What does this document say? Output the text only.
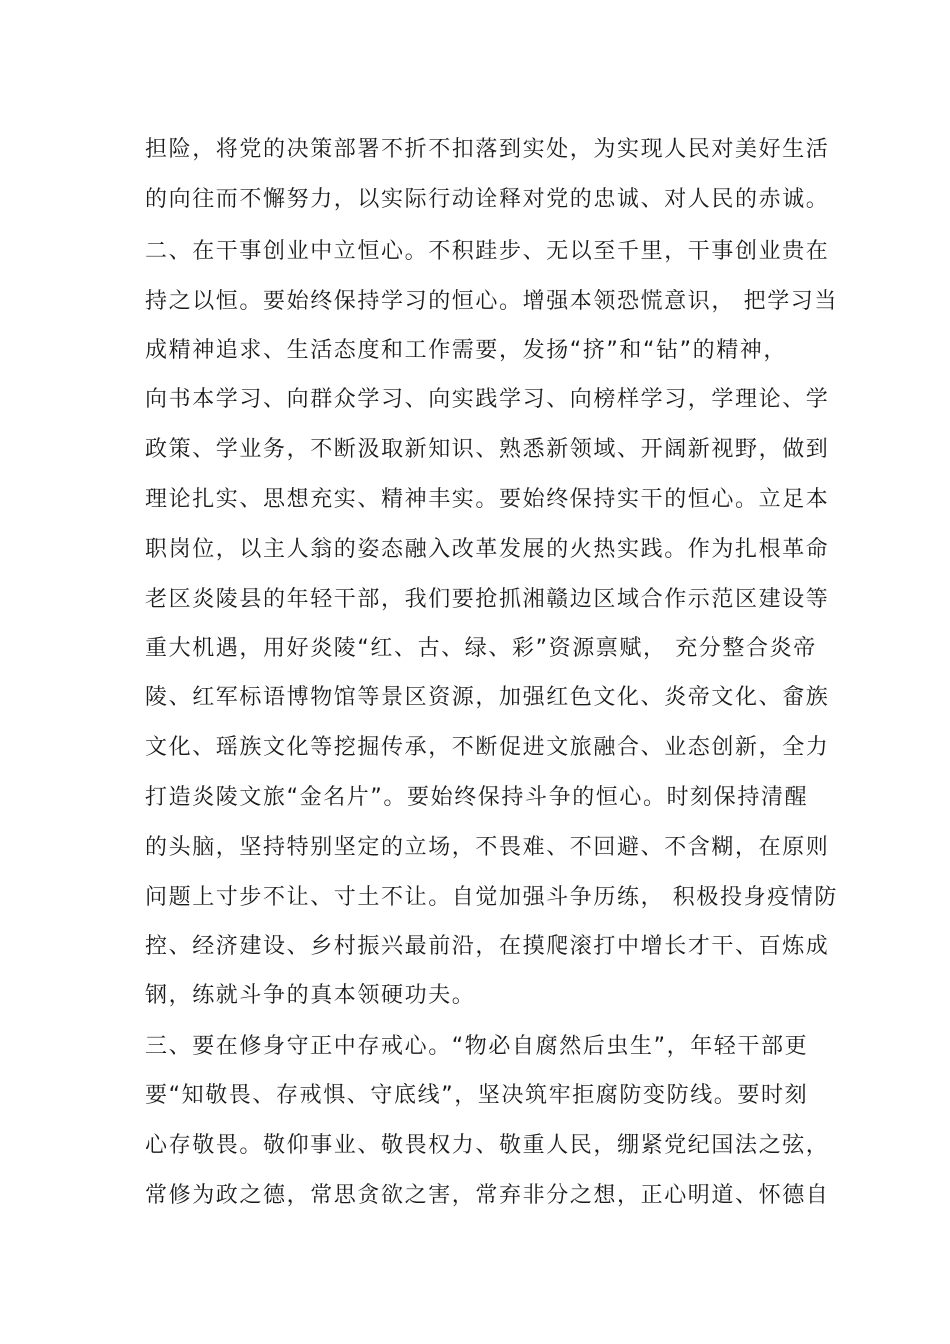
担险，将党的决策部署不折不扣落到实处，为实现人民对美好生活
的向往而不懈努力，以实际行动诠释对党的忠诚、对人民的赤诚。
二、在干事创业中立恒心。不积跬步、无以至千里，干事创业贵在
持之以恒。要始终保持学习的恒心。增强本领恐慌意识， 把学习当
成精神追求、生活态度和工作需要，发扬“挤”和“钻”的精神，
向书本学习、向群众学习、向实践学习、向榜样学习，学理论、学
政策、学业务，不断汲取新知识、熟悉新领域、开阔新视野，做到
理论扎实、思想充实、精神丰实。要始终保持实干的恒心。立足本
职岗位，以主人翁的姿态融入改革发展的火热实践。作为扎根革命
老区炎陵县的年轻干部，我们要抢抓湘赣边区域合作示范区建设等
重大机遇，用好炎陵“红、古、绿、彩”资源禀赋， 充分整合炎帝
陵、红军标语博物馆等景区资源，加强红色文化、炎帝文化、畲族
文化、瑶族文化等挖掘传承，不断促进文旅融合、业态创新，全力
打造炎陵文旅“金名片”。要始终保持斗争的恒心。时刻保持清醒
的头脑，坚持特别坚定的立场，不畏难、不回避、不含糊，在原则
问题上寸步不让、寸土不让。自觉加强斗争历练， 积极投身疫情防
控、经济建设、乡村振兴最前沿，在摸爬滚打中增长才干、百炼成
钢，练就斗争的真本领硬功夫。
三、要在修身守正中存戒心。“物必自腐然后虫生”，年轻干部更
要“知敬畏、存戒惧、守底线”，坚决筑牢拒腐防变防线。要时刻
心存敬畏。敬仰事业、敬畏权力、敬重人民，绷紧党纪国法之弦，
常修为政之德，常思贪欲之害，常弃非分之想，正心明道、怀德自
